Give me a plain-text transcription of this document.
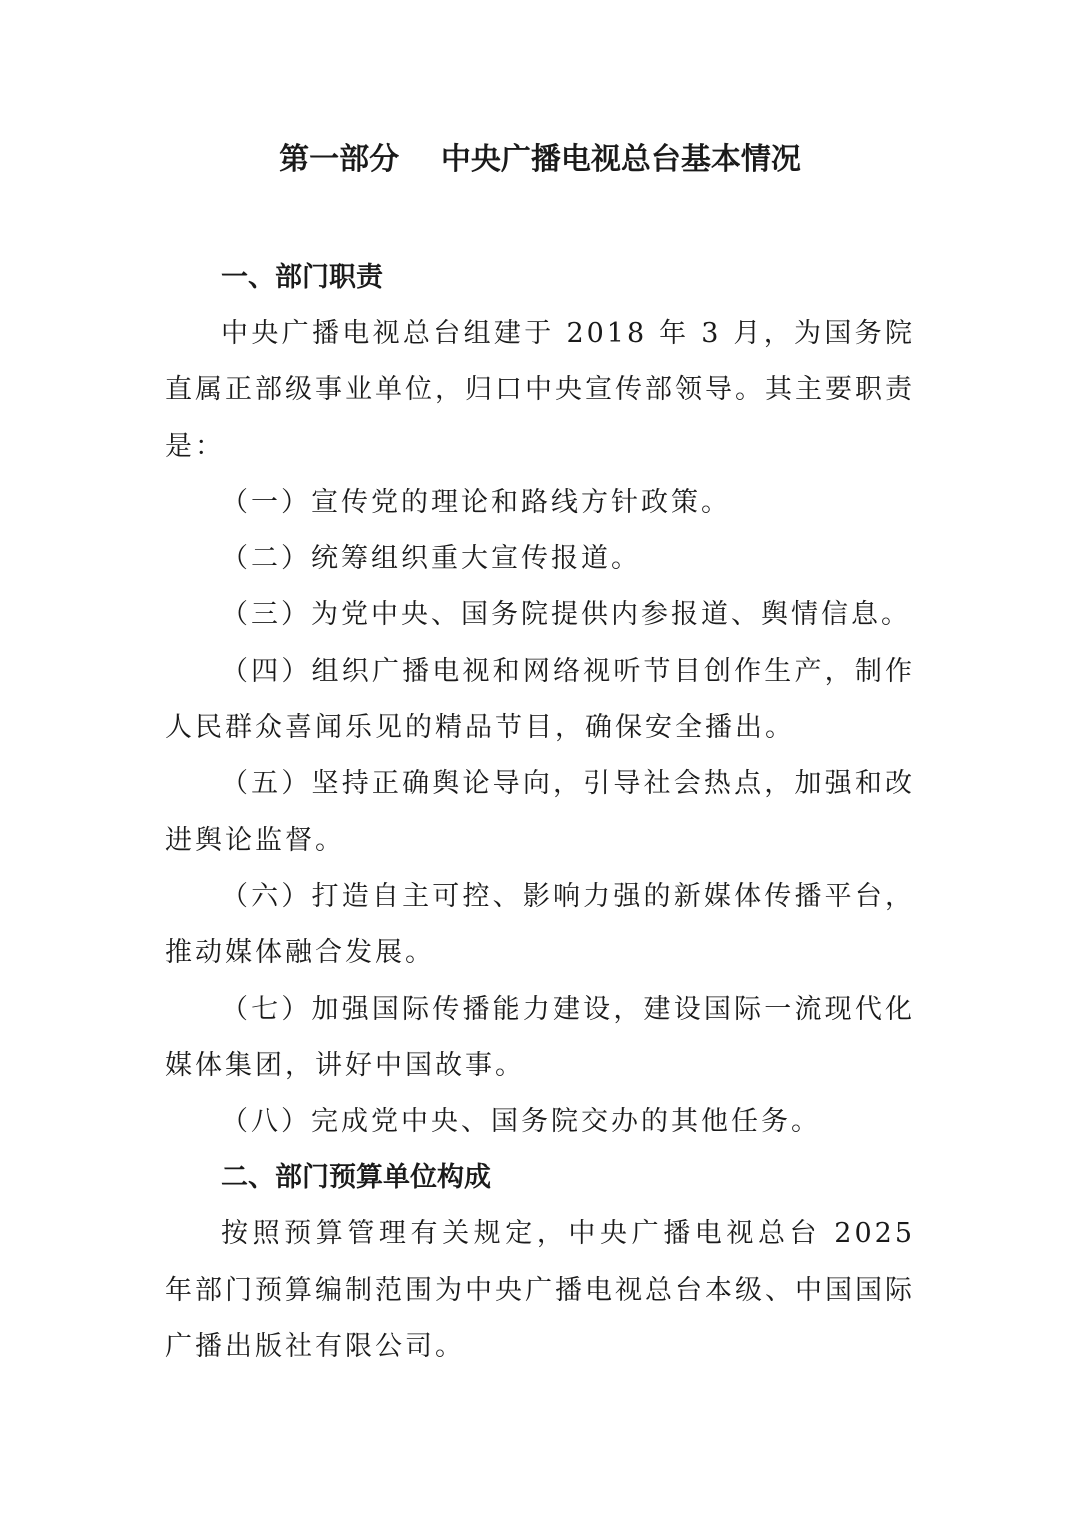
第一部分    中央广播电视总台基本情况

一、部门职责

中央广播电视总台组建于 2018 年 3 月，为国务院直属正部级事业单位，归口中央宣传部领导。其主要职责是：

（一）宣传党的理论和路线方针政策。

（二）统筹组织重大宣传报道。

（三）为党中央、国务院提供内参报道、舆情信息。

（四）组织广播电视和网络视听节目创作生产，制作人民群众喜闻乐见的精品节目，确保安全播出。

（五）坚持正确舆论导向，引导社会热点，加强和改进舆论监督。

（六）打造自主可控、影响力强的新媒体传播平台，推动媒体融合发展。

（七）加强国际传播能力建设，建设国际一流现代化媒体集团，讲好中国故事。

（八）完成党中央、国务院交办的其他任务。

二、部门预算单位构成

按照预算管理有关规定，中央广播电视总台 2025 年部门预算编制范围为中央广播电视总台本级、中国国际广播出版社有限公司。
